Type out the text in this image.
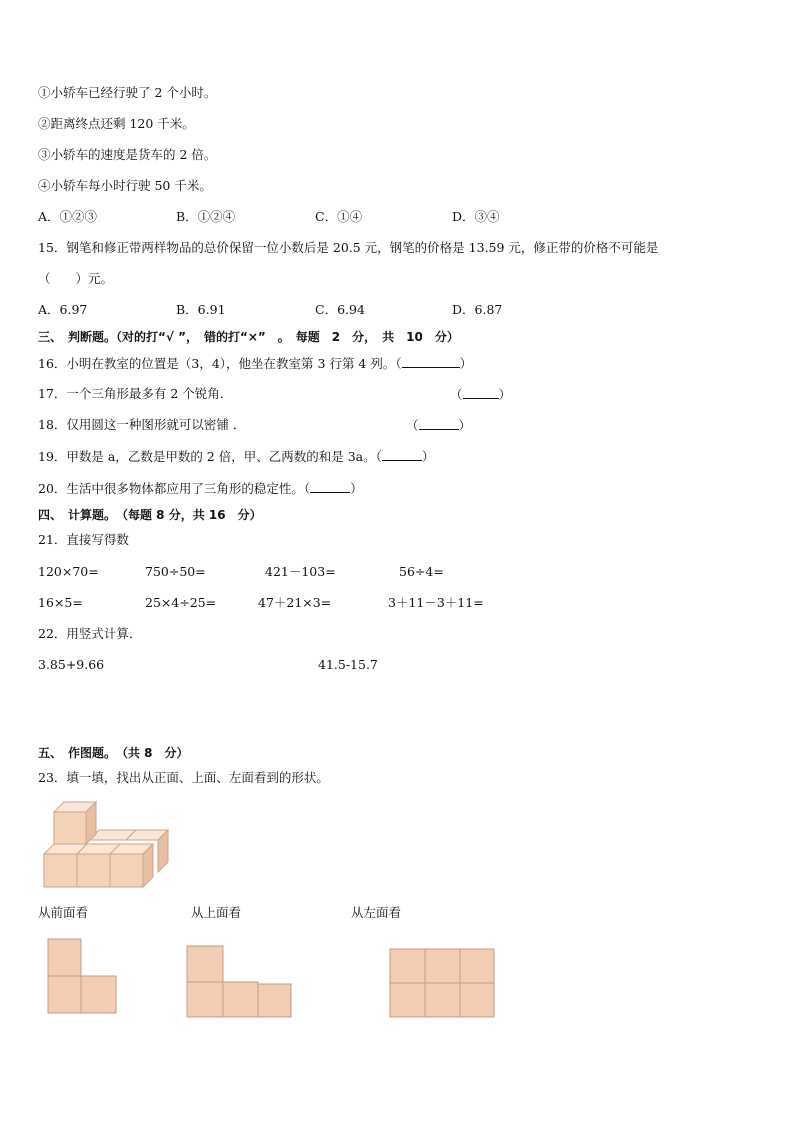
①小轿车已经行驶了 2 个小时。
②距离终点还剩 120 千米。
③小轿车的速度是货车的 2 倍。
④小轿车每小时行驶 50 千米。
A．①②③	B．①②④	C．①④	D．③④
15．钢笔和修正带两样物品的总价保留一位小数后是 20.5 元，钢笔的价格是 13.59 元，修正带的价格不可能是
（　　）元。
A．6.97	B．6.91	C．6.94	D．6.87
三、　判断题。（对的打“√ ”，　错的打“×”　。　每题　2　分，　共　10　分）
16．小明在教室的位置是（3，4），他坐在教室第 3 行第 4 列。（	）
17．一个三角形最多有 2 个锐角．	（	）
18．仅用圆这一种图形就可以密铺 ．	（	）
19．甲数是 a，乙数是甲数的 2 倍，甲、乙两数的和是 3a。（	）
20．生活中很多物体都应用了三角形的稳定性。（	）
四、　计算题。　（每题 8 分，共 16　分）
21．直接写得数
120×70=	750÷50=	421－103=	56÷4=
16×5=	25×4÷25=	47＋21×3=	3＋11－3＋11=
22．用竖式计算．
3.85+9.66	41.5-15.7
五、　作图题。　（共 8　分）
23．填一填，找出从正面、上面、左面看到的形状。
从前面看	从上面看	从左面看
